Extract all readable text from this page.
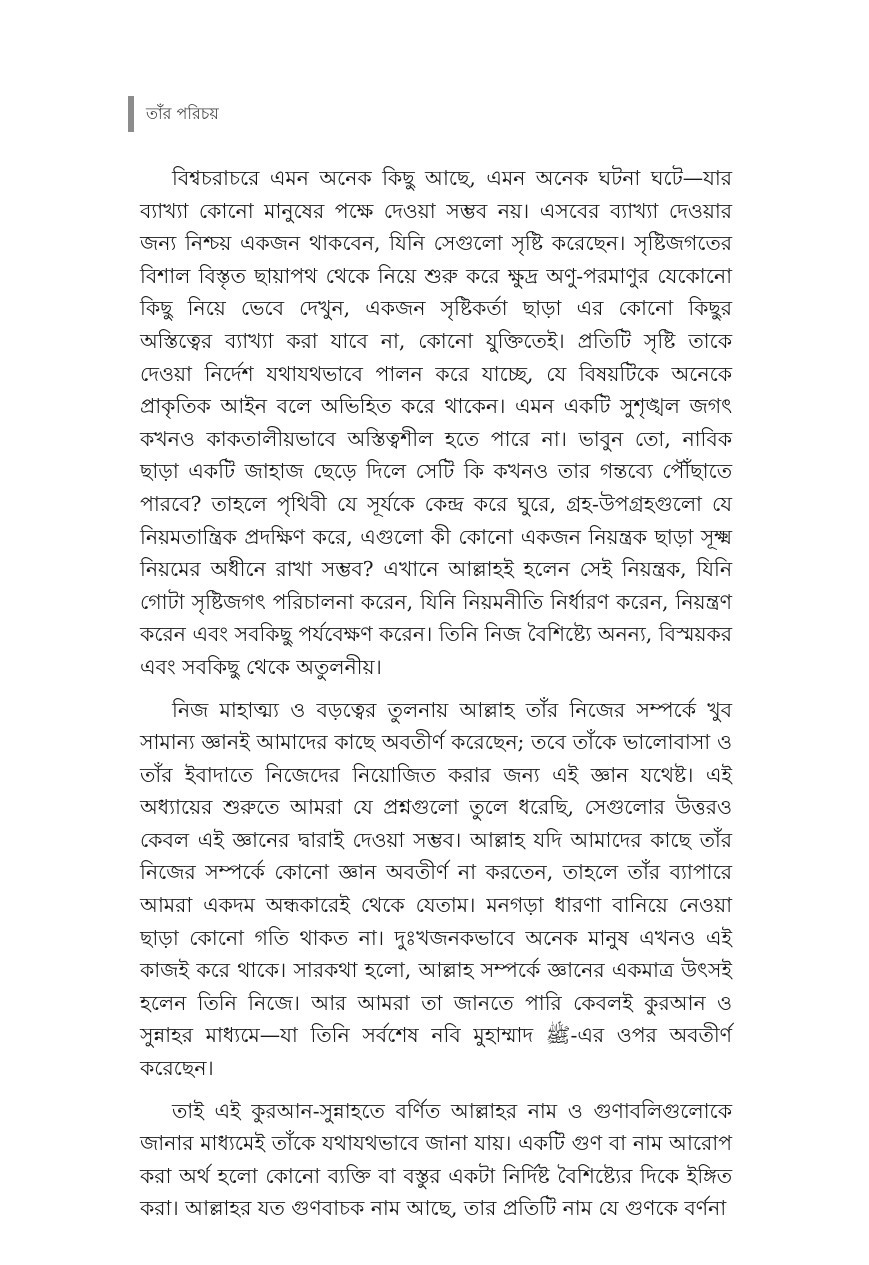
তাঁর পরিচয়

বিশ্বচরাচরে এমন অনেক কিছু আছে, এমন অনেক ঘটনা ঘটে—যার ব্যাখ্যা কোনো মানুষের পক্ষে দেওয়া সম্ভব নয়। এসবের ব্যাখ্যা দেওয়ার জন্য নিশ্চয় একজন থাকবেন, যিনি সেগুলো সৃষ্টি করেছেন। সৃষ্টিজগতের বিশাল বিস্তৃত ছায়াপথ থেকে নিয়ে শুরু করে ক্ষুদ্র অণু-পরমাণুর যেকোনো কিছু নিয়ে ভেবে দেখুন, একজন সৃষ্টিকর্তা ছাড়া এর কোনো কিছুর অস্তিত্বের ব্যাখ্যা করা যাবে না, কোনো যুক্তিতেই। প্রতিটি সৃষ্টি তাকে দেওয়া নির্দেশ যথাযথভাবে পালন করে যাচ্ছে, যে বিষয়টিকে অনেকে প্রাকৃতিক আইন বলে অভিহিত করে থাকেন। এমন একটি সুশৃঙ্খল জগৎ কখনও কাকতালীয়ভাবে অস্তিত্বশীল হতে পারে না। ভাবুন তো, নাবিক ছাড়া একটি জাহাজ ছেড়ে দিলে সেটি কি কখনও তার গন্তব্যে পৌঁছাতে পারবে? তাহলে পৃথিবী যে সূর্যকে কেন্দ্র করে ঘুরে, গ্রহ-উপগ্রহগুলো যে নিয়মতান্ত্রিক প্রদক্ষিণ করে, এগুলো কী কোনো একজন নিয়ন্ত্রক ছাড়া সূক্ষ্ম নিয়মের অধীনে রাখা সম্ভব? এখানে আল্লাহই হলেন সেই নিয়ন্ত্রক, যিনি গোটা সৃষ্টিজগৎ পরিচালনা করেন, যিনি নিয়মনীতি নির্ধারণ করেন, নিয়ন্ত্রণ করেন এবং সবকিছু পর্যবেক্ষণ করেন। তিনি নিজ বৈশিষ্ট্যে অনন্য, বিস্ময়কর এবং সবকিছু থেকে অতুলনীয়।

নিজ মাহাত্ম্য ও বড়ত্বের তুলনায় আল্লাহ তাঁর নিজের সম্পর্কে খুব সামান্য জ্ঞানই আমাদের কাছে অবতীর্ণ করেছেন; তবে তাঁকে ভালোবাসা ও তাঁর ইবাদাতে নিজেদের নিয়োজিত করার জন্য এই জ্ঞান যথেষ্ট। এই অধ্যায়ের শুরুতে আমরা যে প্রশ্নগুলো তুলে ধরেছি, সেগুলোর উত্তরও কেবল এই জ্ঞানের দ্বারাই দেওয়া সম্ভব। আল্লাহ যদি আমাদের কাছে তাঁর নিজের সম্পর্কে কোনো জ্ঞান অবতীর্ণ না করতেন, তাহলে তাঁর ব্যাপারে আমরা একদম অন্ধকারেই থেকে যেতাম। মনগড়া ধারণা বানিয়ে নেওয়া ছাড়া কোনো গতি থাকত না। দুঃখজনকভাবে অনেক মানুষ এখনও এই কাজই করে থাকে। সারকথা হলো, আল্লাহ সম্পর্কে জ্ঞানের একমাত্র উৎসই হলেন তিনি নিজে। আর আমরা তা জানতে পারি কেবলই কুরআন ও সুন্নাহর মাধ্যমে—যা তিনি সর্বশেষ নবি মুহাম্মাদ ﷺ-এর ওপর অবতীর্ণ করেছেন।

তাই এই কুরআন-সুন্নাহতে বর্ণিত আল্লাহর নাম ও গুণাবলিগুলোকে জানার মাধ্যমেই তাঁকে যথাযথভাবে জানা যায়। একটি গুণ বা নাম আরোপ করা অর্থ হলো কোনো ব্যক্তি বা বস্তুর একটা নির্দিষ্ট বৈশিষ্ট্যের দিকে ইঙ্গিত করা। আল্লাহর যত গুণবাচক নাম আছে, তার প্রতিটি নাম যে গুণকে বর্ণনা
